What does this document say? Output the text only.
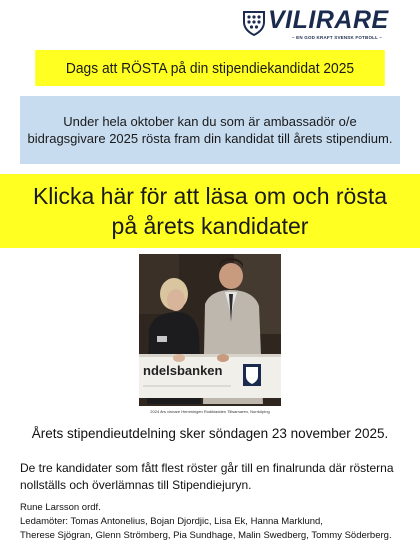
VILIRARE
– EN GOD KRAFT SVENSK FOTBOLL –
Dags att RÖSTA på din stipendiekandidat 2025
Under hela oktober kan du som är ambassadör o/e bidragsgivare 2025 rösta fram din kandidat till årets stipendium.
Klicka här för att läsa om och rösta på årets kandidater
ndelsbanken
2024 års vinnare Hemmingen Rodikladden Tillsarnaren, Norrköping
Årets stipendieutdelning sker söndagen 23 november 2025.
De tre kandidater som fått flest röster går till en finalrunda där rösterna nollställs och överlämnas till Stipendiejuryn.
Rune Larsson ordf.
Ledamöter: Tomas Antonelius, Bojan Djordjic, Lisa Ek, Hanna Marklund,
Therese Sjögran, Glenn Strömberg, Pia Sundhage, Malin Swedberg, Tommy Söderberg.
